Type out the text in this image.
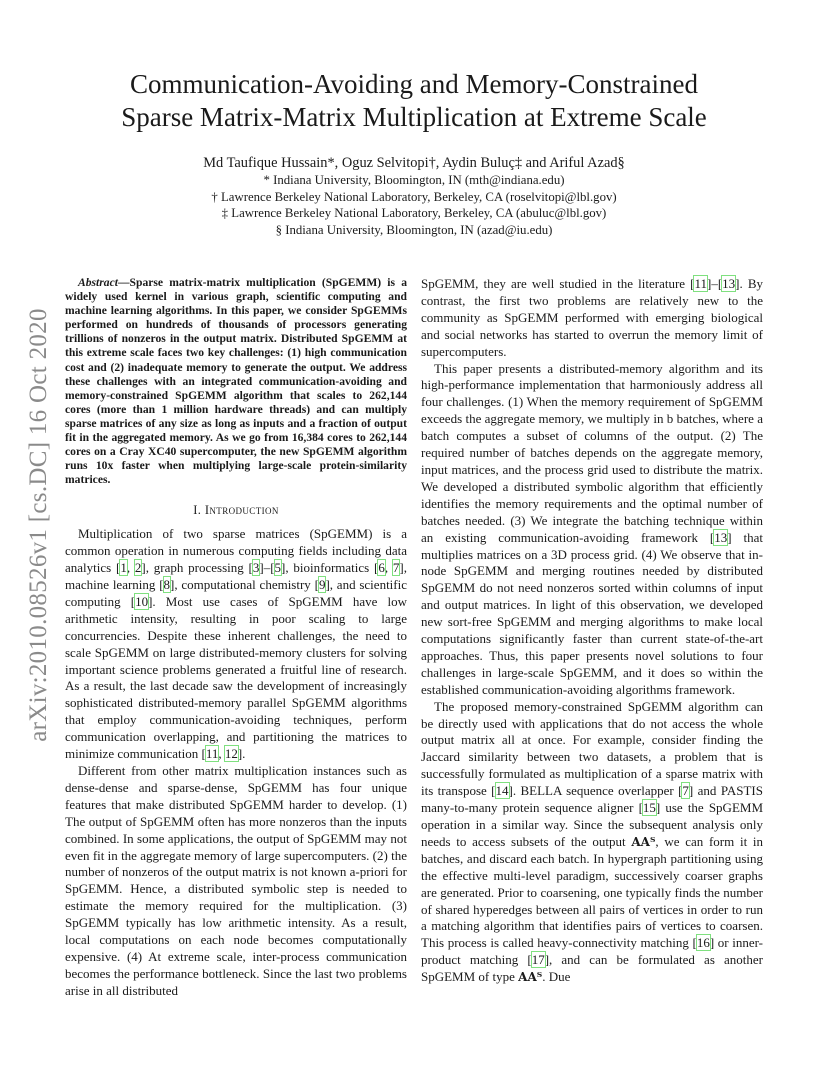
arXiv:2010.08526v1 [cs.DC] 16 Oct 2020
Communication-Avoiding and Memory-Constrained
Sparse Matrix-Matrix Multiplication at Extreme Scale
Md Taufique Hussain*, Oguz Selvitopi†, Aydin Buluç‡ and Ariful Azad§
* Indiana University, Bloomington, IN (mth@indiana.edu)
† Lawrence Berkeley National Laboratory, Berkeley, CA (roselvitopi@lbl.gov)
‡ Lawrence Berkeley National Laboratory, Berkeley, CA (abuluc@lbl.gov)
§ Indiana University, Bloomington, IN (azad@iu.edu)

Abstract—Sparse matrix-matrix multiplication (SpGEMM) is a widely used kernel in various graph, scientific computing and machine learning algorithms. In this paper, we consider SpGEMMs performed on hundreds of thousands of processors generating trillions of nonzeros in the output matrix. Distributed SpGEMM at this extreme scale faces two key challenges: (1) high communication cost and (2) inadequate memory to generate the output. We address these challenges with an integrated communication-avoiding and memory-constrained SpGEMM algorithm that scales to 262,144 cores (more than 1 million hardware threads) and can multiply sparse matrices of any size as long as inputs and a fraction of output fit in the aggregated memory. As we go from 16,384 cores to 262,144 cores on a Cray XC40 supercomputer, the new SpGEMM algorithm runs 10x faster when multiplying large-scale protein-similarity matrices.

I. Introduction

Multiplication of two sparse matrices (SpGEMM) is a common operation in numerous computing fields including data analytics [1, 2], graph processing [3]–[5], bioinformatics [6, 7], machine learning [8], computational chemistry [9], and scientific computing [10]. Most use cases of SpGEMM have low arithmetic intensity, resulting in poor scaling to large concurrencies. Despite these inherent challenges, the need to scale SpGEMM on large distributed-memory clusters for solving important science problems generated a fruitful line of research. As a result, the last decade saw the development of increasingly sophisticated distributed-memory parallel SpGEMM algorithms that employ communication-avoiding techniques, perform communication overlapping, and partitioning the matrices to minimize communication [11, 12].

Different from other matrix multiplication instances such as dense-dense and sparse-dense, SpGEMM has four unique features that make distributed SpGEMM harder to develop. (1) The output of SpGEMM often has more nonzeros than the inputs combined. In some applications, the output of SpGEMM may not even fit in the aggregate memory of large supercomputers. (2) the number of nonzeros of the output matrix is not known a-priori for SpGEMM. Hence, a distributed symbolic step is needed to estimate the memory required for the multiplication. (3) SpGEMM typically has low arithmetic intensity. As a result, local computations on each node becomes computationally expensive. (4) At extreme scale, inter-process communication becomes the performance bottleneck. Since the last two problems arise in all distributed

SpGEMM, they are well studied in the literature [11]–[13]. By contrast, the first two problems are relatively new to the community as SpGEMM performed with emerging biological and social networks has started to overrun the memory limit of supercomputers.

This paper presents a distributed-memory algorithm and its high-performance implementation that harmoniously address all four challenges. (1) When the memory requirement of SpGEMM exceeds the aggregate memory, we multiply in b batches, where a batch computes a subset of columns of the output. (2) The required number of batches depends on the aggregate memory, input matrices, and the process grid used to distribute the matrix. We developed a distributed symbolic algorithm that efficiently identifies the memory requirements and the optimal number of batches needed. (3) We integrate the batching technique within an existing communication-avoiding framework [13] that multiplies matrices on a 3D process grid. (4) We observe that in-node SpGEMM and merging routines needed by distributed SpGEMM do not need nonzeros sorted within columns of input and output matrices. In light of this observation, we developed new sort-free SpGEMM and merging algorithms to make local computations significantly faster than current state-of-the-art approaches. Thus, this paper presents novel solutions to four challenges in large-scale SpGEMM, and it does so within the established communication-avoiding algorithms framework.

The proposed memory-constrained SpGEMM algorithm can be directly used with applications that do not access the whole output matrix all at once. For example, consider finding the Jaccard similarity between two datasets, a problem that is successfully formulated as multiplication of a sparse matrix with its transpose [14]. BELLA sequence overlapper [7] and PASTIS many-to-many protein sequence aligner [15] use the SpGEMM operation in a similar way. Since the subsequent analysis only needs to access subsets of the output AAᵀ, we can form it in batches, and discard each batch. In hypergraph partitioning using the effective multi-level paradigm, successively coarser graphs are generated. Prior to coarsening, one typically finds the number of shared hyperedges between all pairs of vertices in order to run a matching algorithm that identifies pairs of vertices to coarsen. This process is called heavy-connectivity matching [16] or inner-product matching [17], and can be formulated as another SpGEMM of type AAᵀ. Due
